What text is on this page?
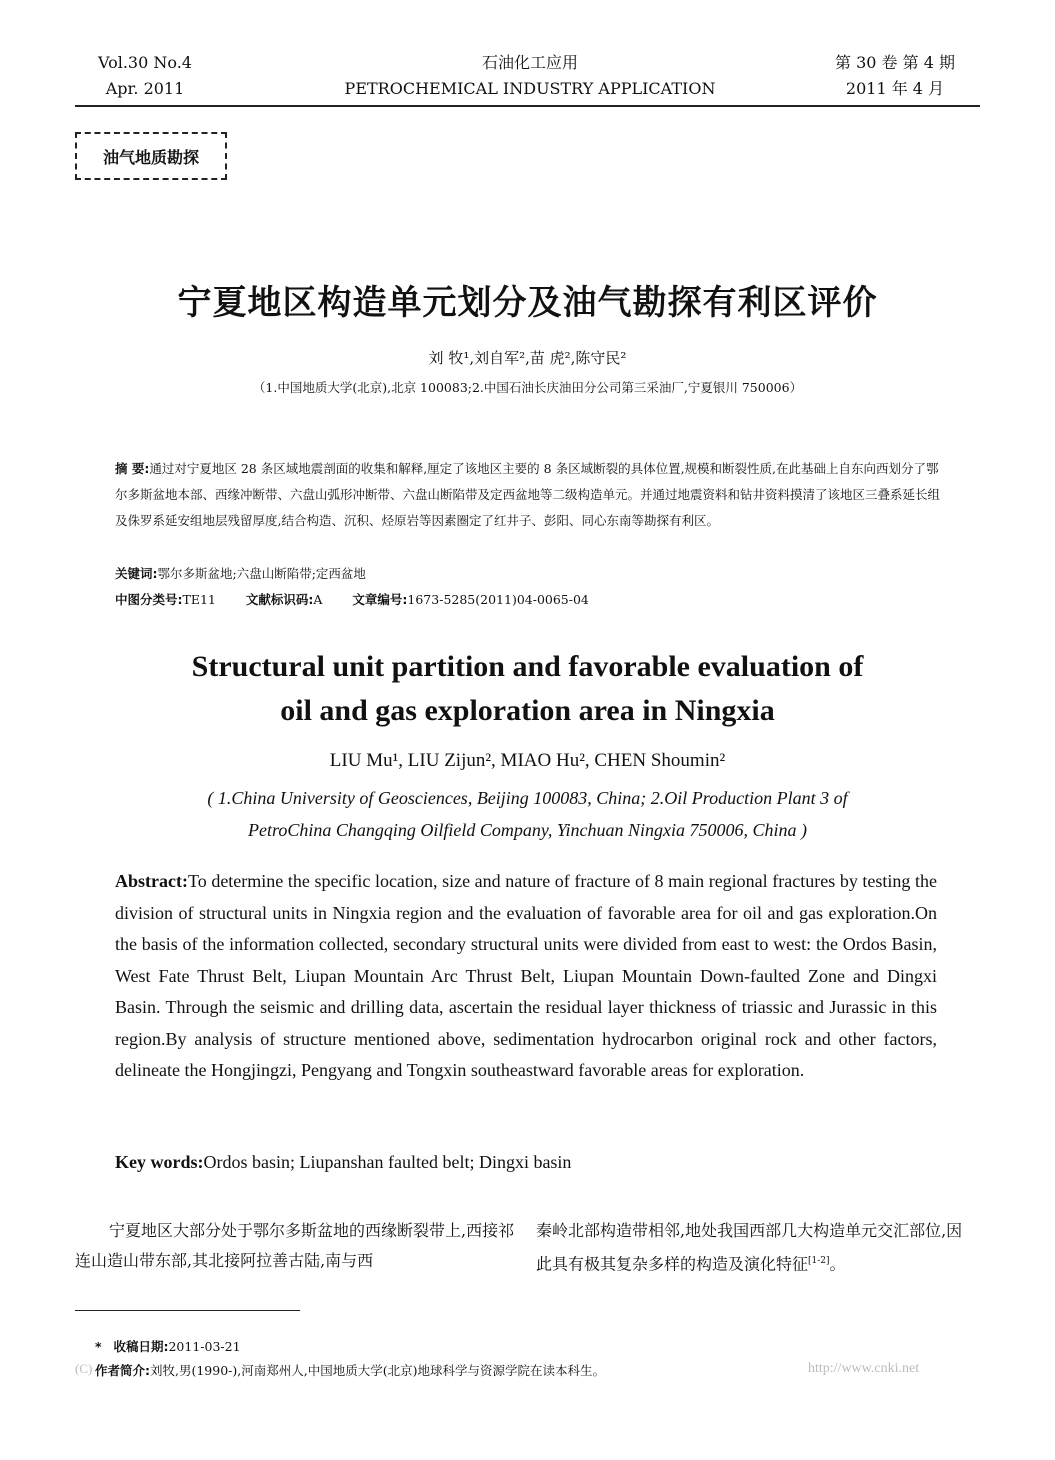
Vol.30 No.4
Apr. 2011
石油化工应用
PETROCHEMICAL INDUSTRY APPLICATION
第 30 卷 第 4 期
2011 年 4 月
油气地质勘探
宁夏地区构造单元划分及油气勘探有利区评价
刘 牧¹,刘自军²,苗 虎²,陈守民²
（1.中国地质大学(北京),北京 100083;2.中国石油长庆油田分公司第三采油厂,宁夏银川 750006）
摘 要:通过对宁夏地区 28 条区域地震剖面的收集和解释,厘定了该地区主要的 8 条区域断裂的具体位置,规模和断裂性质,在此基础上自东向西划分了鄂尔多斯盆地本部、西缘冲断带、六盘山弧形冲断带、六盘山断陷带及定西盆地等二级构造单元。并通过地震资料和钻井资料摸清了该地区三叠系延长组及侏罗系延安组地层残留厚度,结合构造、沉积、烃原岩等因素圈定了红井子、彭阳、同心东南等勘探有利区。
关键词:鄂尔多斯盆地;六盘山断陷带;定西盆地
中图分类号:TE11 文献标识码:A 文章编号:1673-5285(2011)04-0065-04
Structural unit partition and favorable evaluation of
oil and gas exploration area in Ningxia
LIU Mu¹, LIU Zijun², MIAO Hu², CHEN Shoumin²
( 1.China University of Geosciences, Beijing 100083, China; 2.Oil Production Plant 3 of
PetroChina Changqing Oilfield Company, Yinchuan Ningxia 750006, China )
Abstract:To determine the specific location, size and nature of fracture of 8 main regional fractures by testing the division of structural units in Ningxia region and the evaluation of favorable area for oil and gas exploration.On the basis of the information collected, secondary structural units were divided from east to west: the Ordos Basin, West Fate Thrust Belt, Liupan Mountain Arc Thrust Belt, Liupan Mountain Down-faulted Zone and Dingxi Basin. Through the seismic and drilling data, ascertain the residual layer thickness of triassic and Jurassic in this region.By analysis of structure mentioned above, sedimentation hydrocarbon original rock and other factors, delineate the Hongjingzi, Pengyang and Tongxin southeastward favorable areas for exploration.
Key words:Ordos basin; Liupanshan faulted belt; Dingxi basin
宁夏地区大部分处于鄂尔多斯盆地的西缘断裂带上,西接祁连山造山带东部,其北接阿拉善古陆,南与西
秦岭北部构造带相邻,地处我国西部几大构造单元交汇部位,因此具有极其复杂多样的构造及演化特征[1-2]。
* 收稿日期:2011-03-21
(C) 作者简介:刘牧,男(1990-),河南郑州人,中国地质大学(北京)地球科学与资源学院在读本科生。	http://www.cnki.net
